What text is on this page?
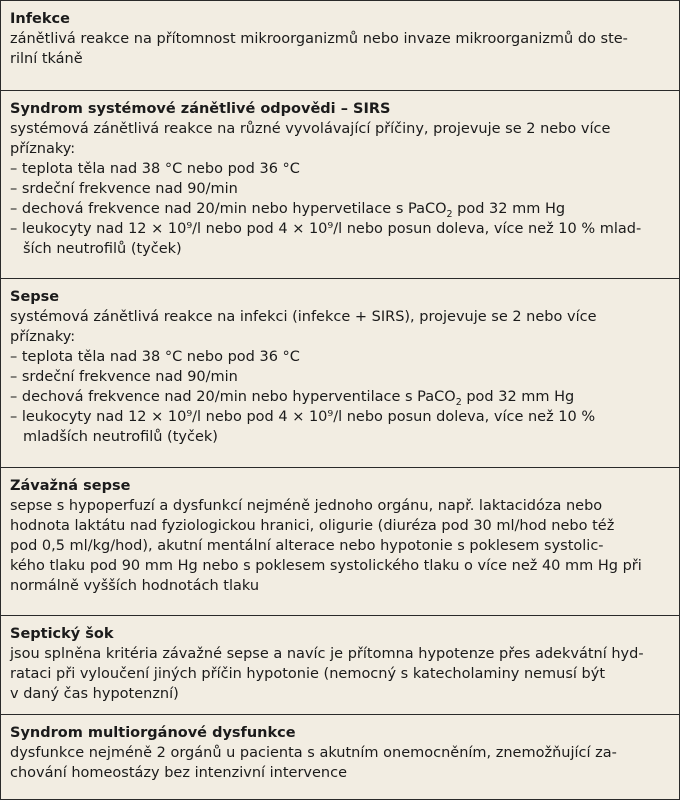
Infekce
zánětlivá reakce na přítomnost mikroorganizmů nebo invaze mikroorganizmů do ste-
rilní tkáně
Syndrom systémové zánětlivé odpovědi – SIRS
systémová zánětlivá reakce na různé vyvolávající příčiny, projevuje se 2 nebo více
příznaky:
– teplota těla nad 38 °C nebo pod 36 °C
– srdeční frekvence nad 90/min
– dechová frekvence nad 20/min nebo hypervetilace s PaCO$_2$ pod 32 mm Hg
– leukocyty nad 12 × 10⁹/l nebo pod 4 × 10⁹/l nebo posun doleva, více než 10 % mlad-
ších neutrofilů (tyček)
Sepse
systémová zánětlivá reakce na infekci (infekce + SIRS), projevuje se 2 nebo více
příznaky:
– teplota těla nad 38 °C nebo pod 36 °C
– srdeční frekvence nad 90/min
– dechová frekvence nad 20/min nebo hyperventilace s PaCO$_2$ pod 32 mm Hg
– leukocyty nad 12 × 10⁹/l nebo pod 4 × 10⁹/l nebo posun doleva, více než 10 %
mladších neutrofilů (tyček)
Závažná sepse
sepse s hypoperfuzí a dysfunkcí nejméně jednoho orgánu, např. laktacidóza nebo
hodnota laktátu nad fyziologickou hranici, oligurie (diuréza pod 30 ml/hod nebo též
pod 0,5 ml/kg/hod), akutní mentální alterace nebo hypotonie s poklesem systolic-
kého tlaku pod 90 mm Hg nebo s poklesem systolického tlaku o více než 40 mm Hg při
normálně vyšších hodnotách tlaku
Septický šok
jsou splněna kritéria závažné sepse a navíc je přítomna hypotenze přes adekvátní hyd-
rataci při vyloučení jiných příčin hypotonie (nemocný s katecholaminy nemusí být
v daný čas hypotenzní)
Syndrom multiorgánové dysfunkce
dysfunkce nejméně 2 orgánů u pacienta s akutním onemocněním, znemožňující za-
chování homeostázy bez intenzivní intervence
